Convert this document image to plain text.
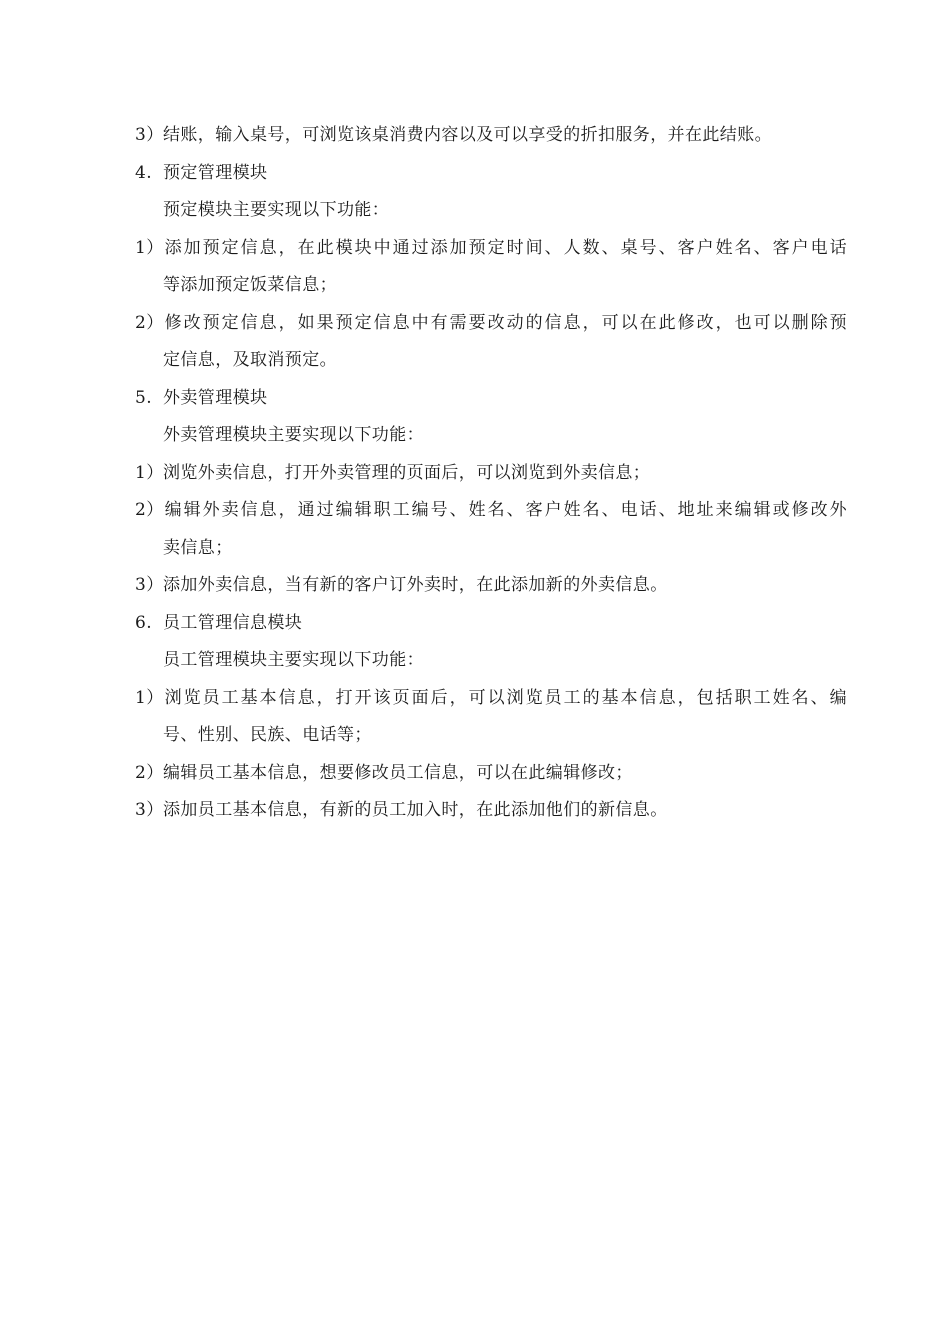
3）结账，输入桌号，可浏览该桌消费内容以及可以享受的折扣服务，并在此结账。
4. 预定管理模块
预定模块主要实现以下功能：
1）添加预定信息，在此模块中通过添加预定时间、人数、桌号、客户姓名、客户电话
等添加预定饭菜信息；
2）修改预定信息，如果预定信息中有需要改动的信息，可以在此修改，也可以删除预
定信息，及取消预定。
5. 外卖管理模块
外卖管理模块主要实现以下功能：
1）浏览外卖信息，打开外卖管理的页面后，可以浏览到外卖信息；
2）编辑外卖信息，通过编辑职工编号、姓名、客户姓名、电话、地址来编辑或修改外
卖信息；
3）添加外卖信息，当有新的客户订外卖时，在此添加新的外卖信息。
6. 员工管理信息模块
员工管理模块主要实现以下功能：
1）浏览员工基本信息，打开该页面后，可以浏览员工的基本信息，包括职工姓名、编
号、性别、民族、电话等；
2）编辑员工基本信息，想要修改员工信息，可以在此编辑修改；
3）添加员工基本信息，有新的员工加入时，在此添加他们的新信息。
